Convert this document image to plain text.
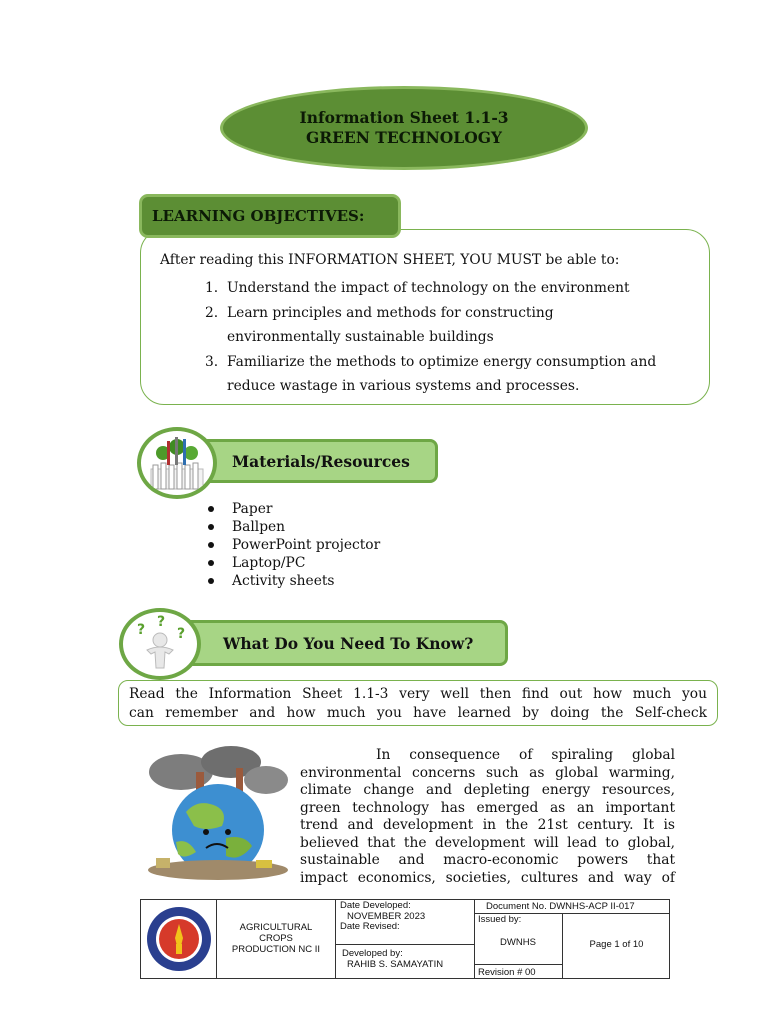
Information Sheet 1.1-3
GREEN TECHNOLOGY
LEARNING OBJECTIVES:
After reading this INFORMATION SHEET, YOU MUST be able to:
1. Understand the impact of technology on the environment
2. Learn principles and methods for constructing
environmentally sustainable buildings
3. Familiarize the methods to optimize energy consumption and
reduce wastage in various systems and processes.
Materials/Resources
Paper
Ballpen
PowerPoint projector
Laptop/PC
Activity sheets
? ?
? What Do You Need To Know?
Read the Information Sheet 1.1-3 very well then find out how much you
can remember and how much you have learned by doing the Self-check
In consequence of spiraling global
environmental concerns such as global warming,
climate change and depleting energy resources,
green technology has emerged as an important
trend and development in the 21st century. It is
believed that the development will lead to global,
sustainable and macro-economic powers that
impact economics, societies, cultures and way of
AGRICULTURAL
CROPS
PRODUCTION NC II
Date Developed:
NOVEMBER 2023
Date Revised:
Developed by:
RAHIB S. SAMAYATIN
Document No. DWNHS-ACP II-017
Issued by:
DWNHS
Revision # 00
Page 1 of 10
